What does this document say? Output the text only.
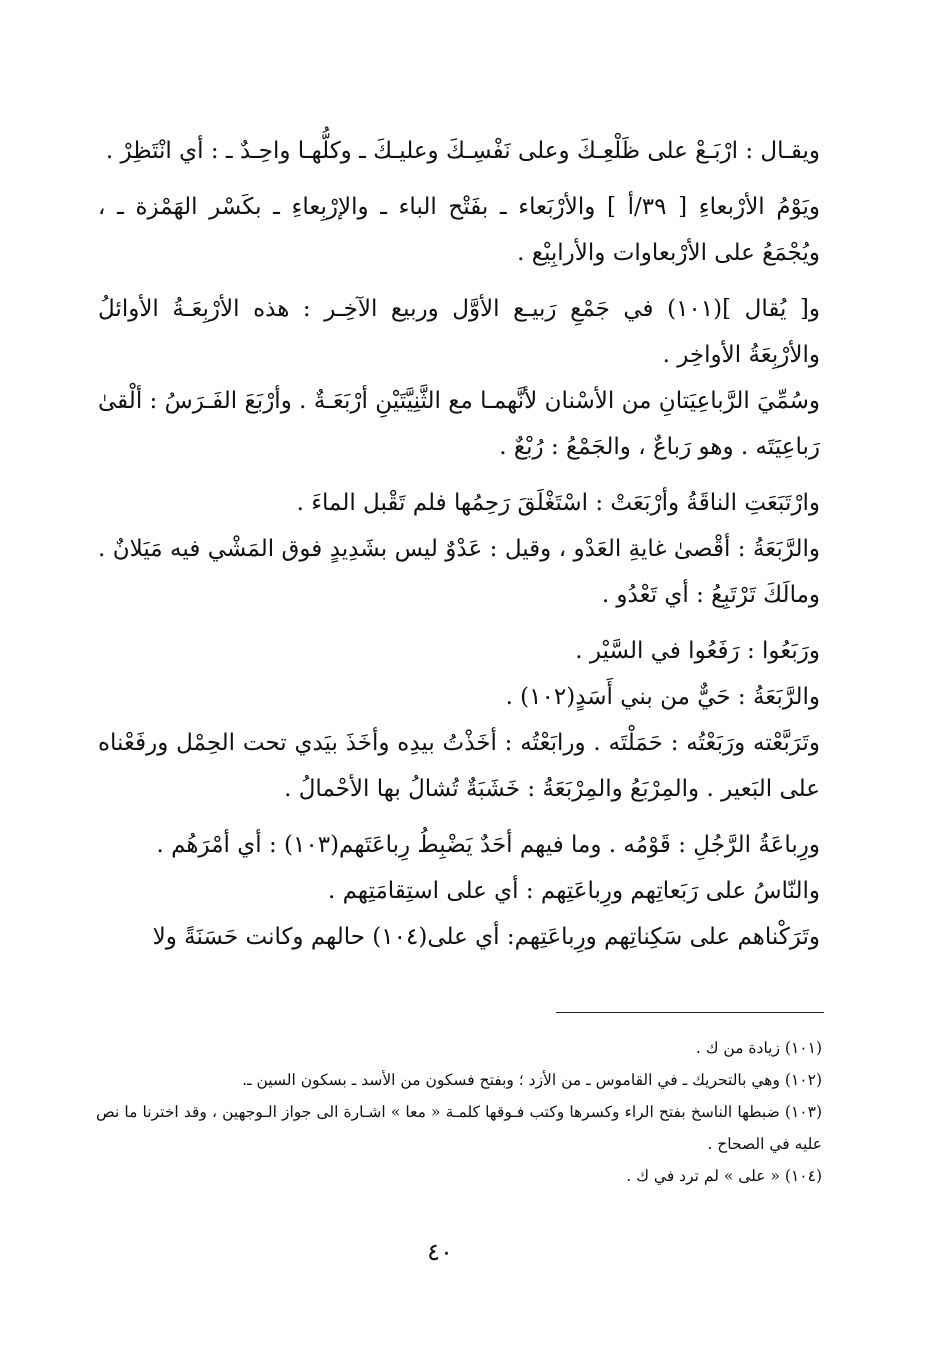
ويقـال : ارْبَـعْ على ظَلْعِـكَ وعلى نَفْسِـكَ وعليـكَ ـ وكلُّهـا واحِـدٌ ـ : أي انْتَظِرْ .

ويَوْمُ الأرْبعاءِ [ ٣٩/أ ] والأرْبَعاء ـ بفَتْح الباء ـ والإرْبِعاءِ ـ بكَسْر الهَمْزة ـ ، ويُجْمَعُ على الأرْبعاوات والأرابِيْع .

و[ يُقال ](١٠١) في جَمْعِ رَبيـع الأوَّل وربيع الآخِـر : هذه الأرْبِعَـةُ الأوائلُ والأرْبِعَةُ الأواخِر .

وسُمِّيَ الرَّباعِيَتانِ من الأسْنان لأنَّهمـا مع الثَّنِيَّتَيْنِ أرْبَعَـةٌ . وأرْبَعَ الفَـرَسُ : ألْقىٰ رَباعِيَتَه . وهو رَباعٌ ، والجَمْعُ : رُبْعٌ .

وارْتَبَعَتِ الناقَةُ وأرْبَعَتْ : اسْتَغْلَقَ رَحِمُها فلم تَقْبل الماءَ .

والرَّبَعَةُ : أقْصىٰ غايةِ العَدْو ، وقيل : عَدْوٌ ليس بشَدِيدٍ فوق المَشْي فيه مَيَلانٌ . ومالَكَ تَرْتَبِعُ : أي تَعْدُو .

ورَبَعُوا : رَفَعُوا في السَّيْر .

والرَّبَعَةُ : حَيٌّ من بني أَسَدٍ(١٠٢) .

وتَرَبَّعْته ورَبَعْتُه : حَمَلْتَه . ورابَعْتُه : أخَذْتُ بيدِه وأخَذَ بيَدي تحت الحِمْل ورفَعْناه على البَعير . والمِرْبَعُ والمِرْبَعَةُ : خَشَبَةٌ تُشالُ بها الأحْمالُ .

ورِباعَةُ الرَّجُلِ : قَوْمُه . وما فيهم أحَدٌ يَضْبِطُ رِباعَتَهم(١٠٣) : أي أمْرَهُم .

والنّاسُ على رَبَعاتِهم ورِباعَتِهم : أي على استِقامَتِهم .

وتَرَكْناهم على سَكِناتِهم ورِباعَتِهم: أي على(١٠٤) حالهم وكانت حَسَنَةً ولا

(١٠١) زيادة من ك .

(١٠٢) وهي بالتحريك ـ في القاموس ـ من الأزد ؛ وبفتح فسكون من الأسد ـ بسكون السين ـ.

(١٠٣) ضبطها الناسخ بفتح الراء وكسرها وكتب فـوقها كلمـة « معا » اشـارة الى جواز الـوجهين ، وقد اخترنا ما نص عليه في الصحاح .

(١٠٤) « على » لم ترد في ك .

٤٠
